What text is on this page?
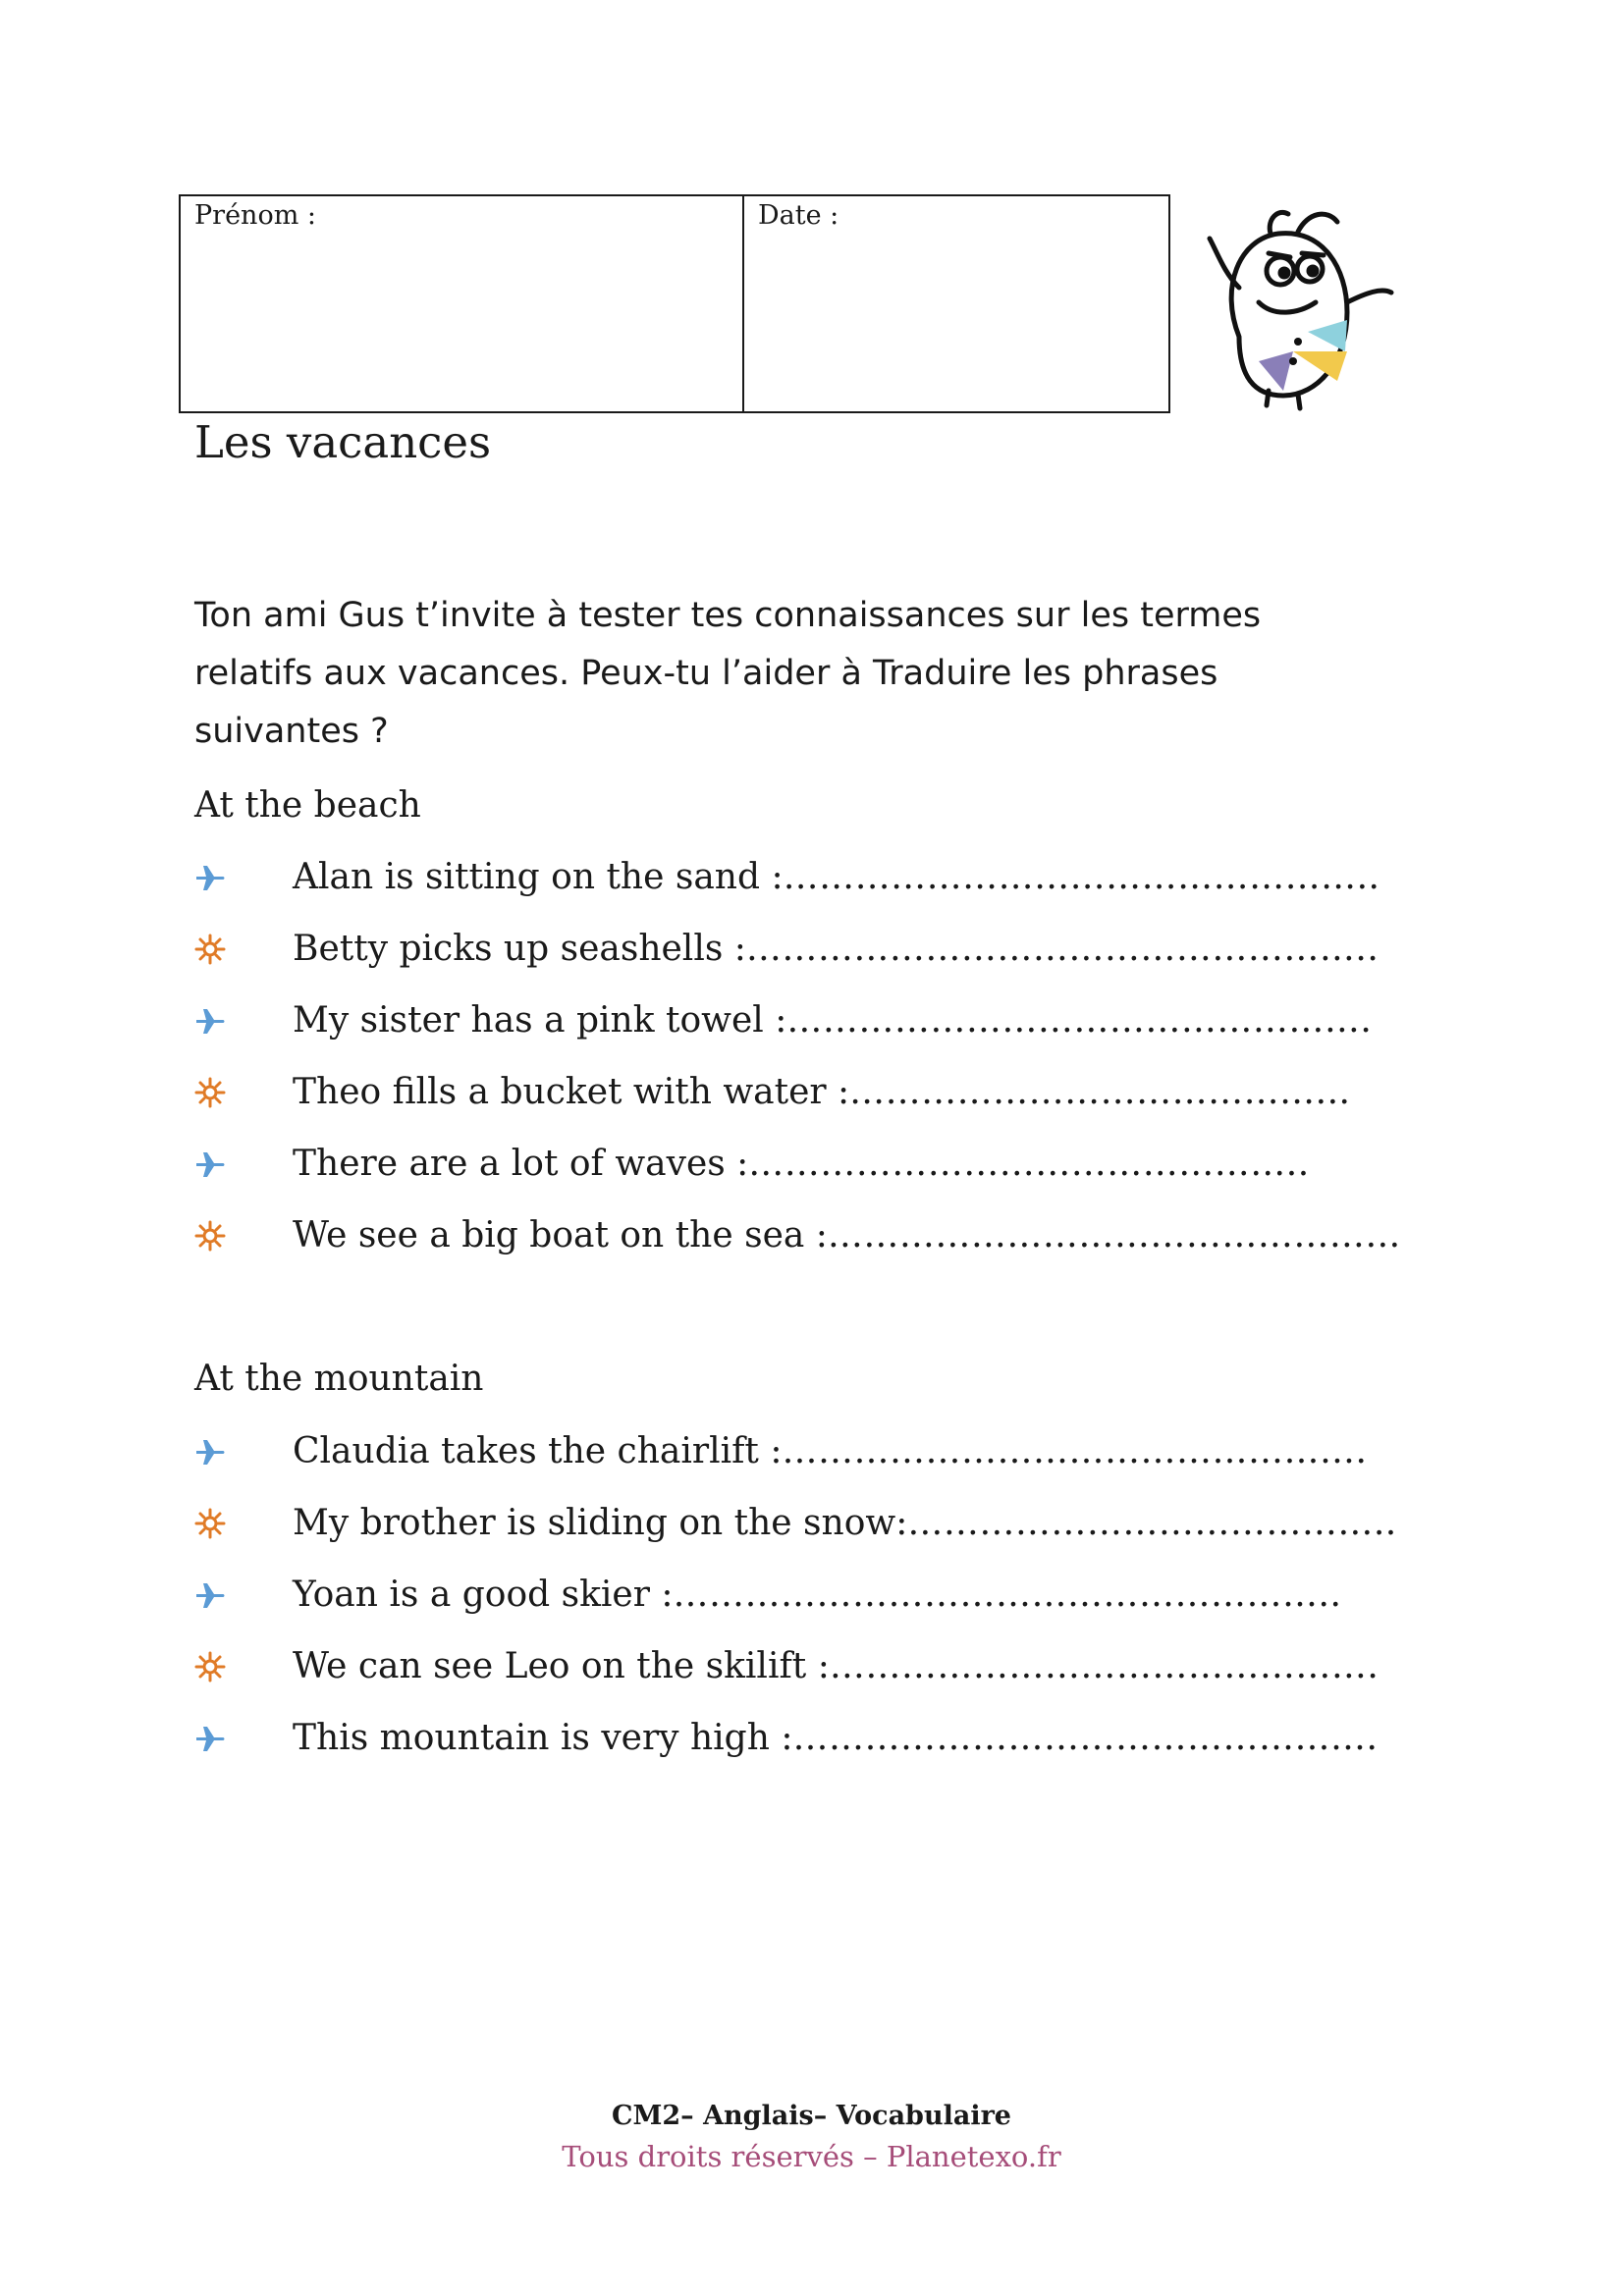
Prénom :	Date :
Les vacances

Ton ami Gus t’invite à tester tes connaissances sur les termes relatifs aux vacances. Peux-tu l’aider à Traduire les phrases suivantes ?

At the beach
Alan is sitting on the sand : …………………………………………..
Betty picks up seashells : ……………………………………………..
My sister has a pink towel : ………………………………………….
Theo fills a bucket with water : …………………………………...
There are a lot of waves : ………………………………………..
We see a big boat on the sea : …………………………………………
At the mountain
Claudia takes the chairlift : ………………………………………….
My brother is sliding on the snow: …………………………………..
Yoan is a good skier : ………………………………………………..
We can see Leo on the skilift : ……………………………………….
This mountain is very high : ………………………………………….
CM2– Anglais– Vocabulaire
Tous droits réservés – Planetexo.fr
